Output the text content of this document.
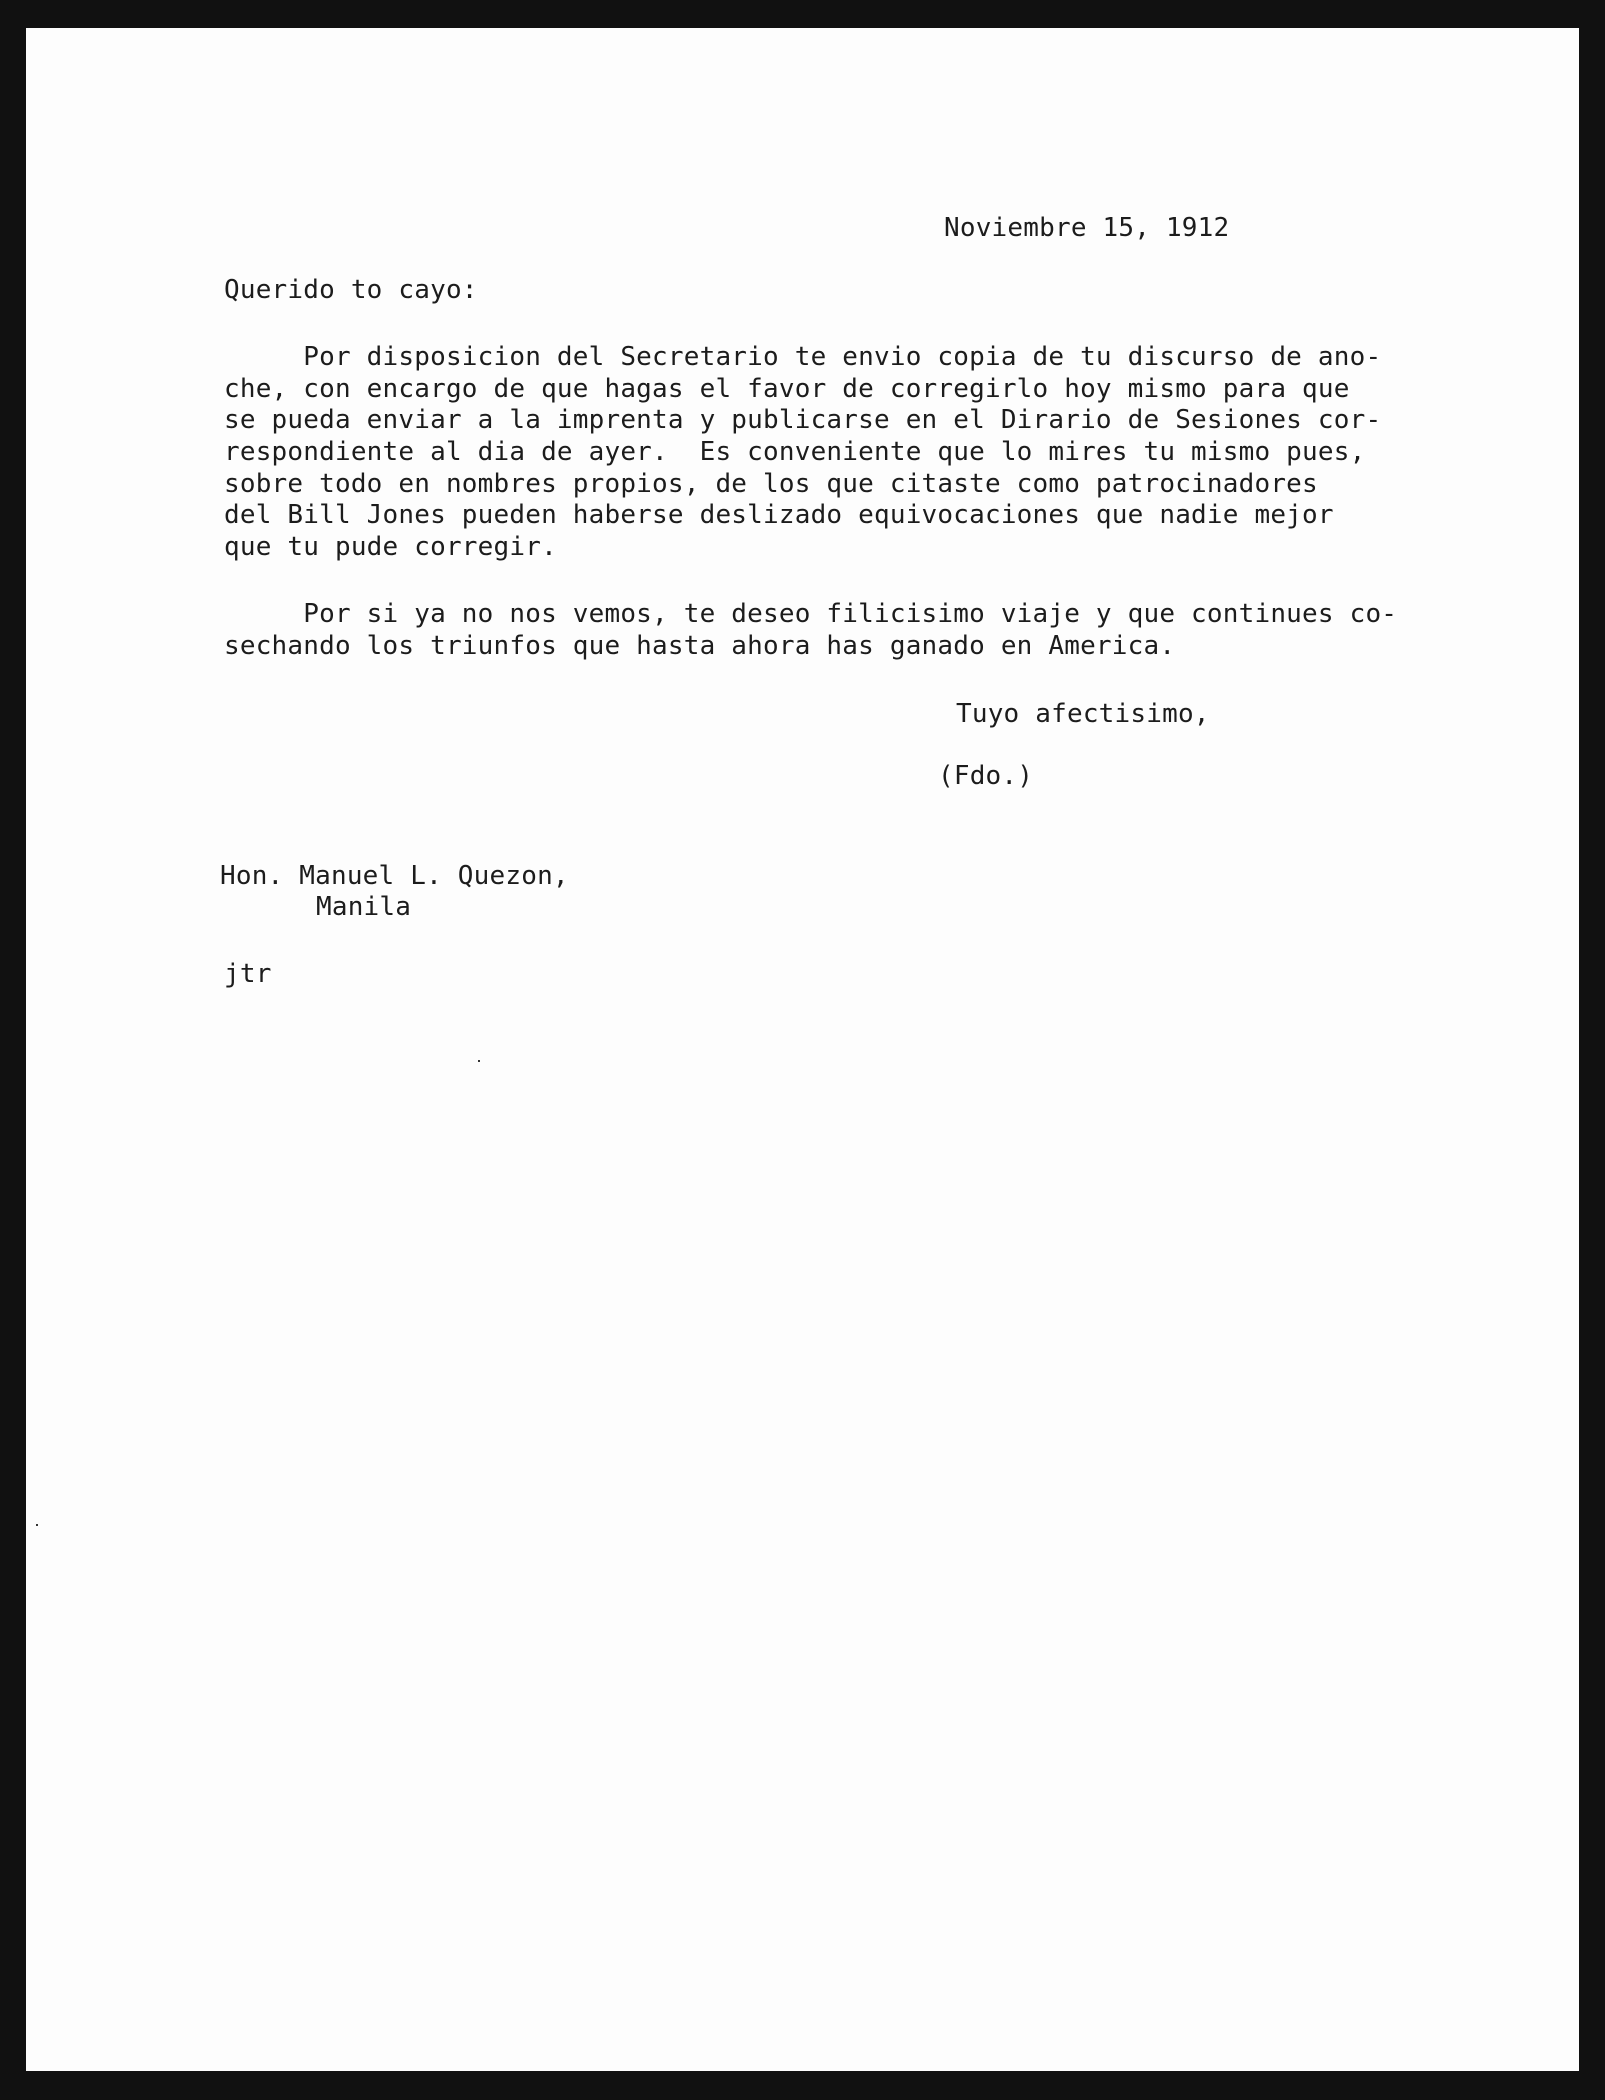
Noviembre 15, 1912

Querido to cayo:

Por disposicion del Secretario te envio copia de tu discurso de ano-

che, con encargo de que hagas el favor de corregirlo hoy mismo para que

se pueda enviar a la imprenta y publicarse en el Dirario de Sesiones cor-

respondiente al dia de ayer.  Es conveniente que lo mires tu mismo pues,

sobre todo en nombres propios, de los que citaste como patrocinadores

del Bill Jones pueden haberse deslizado equivocaciones que nadie mejor

que tu pude corregir.

Por si ya no nos vemos, te deseo filicisimo viaje y que continues co-

sechando los triunfos que hasta ahora has ganado en America.

Tuyo afectisimo,

(Fdo.)

Hon. Manuel L. Quezon,

Manila

jtr
